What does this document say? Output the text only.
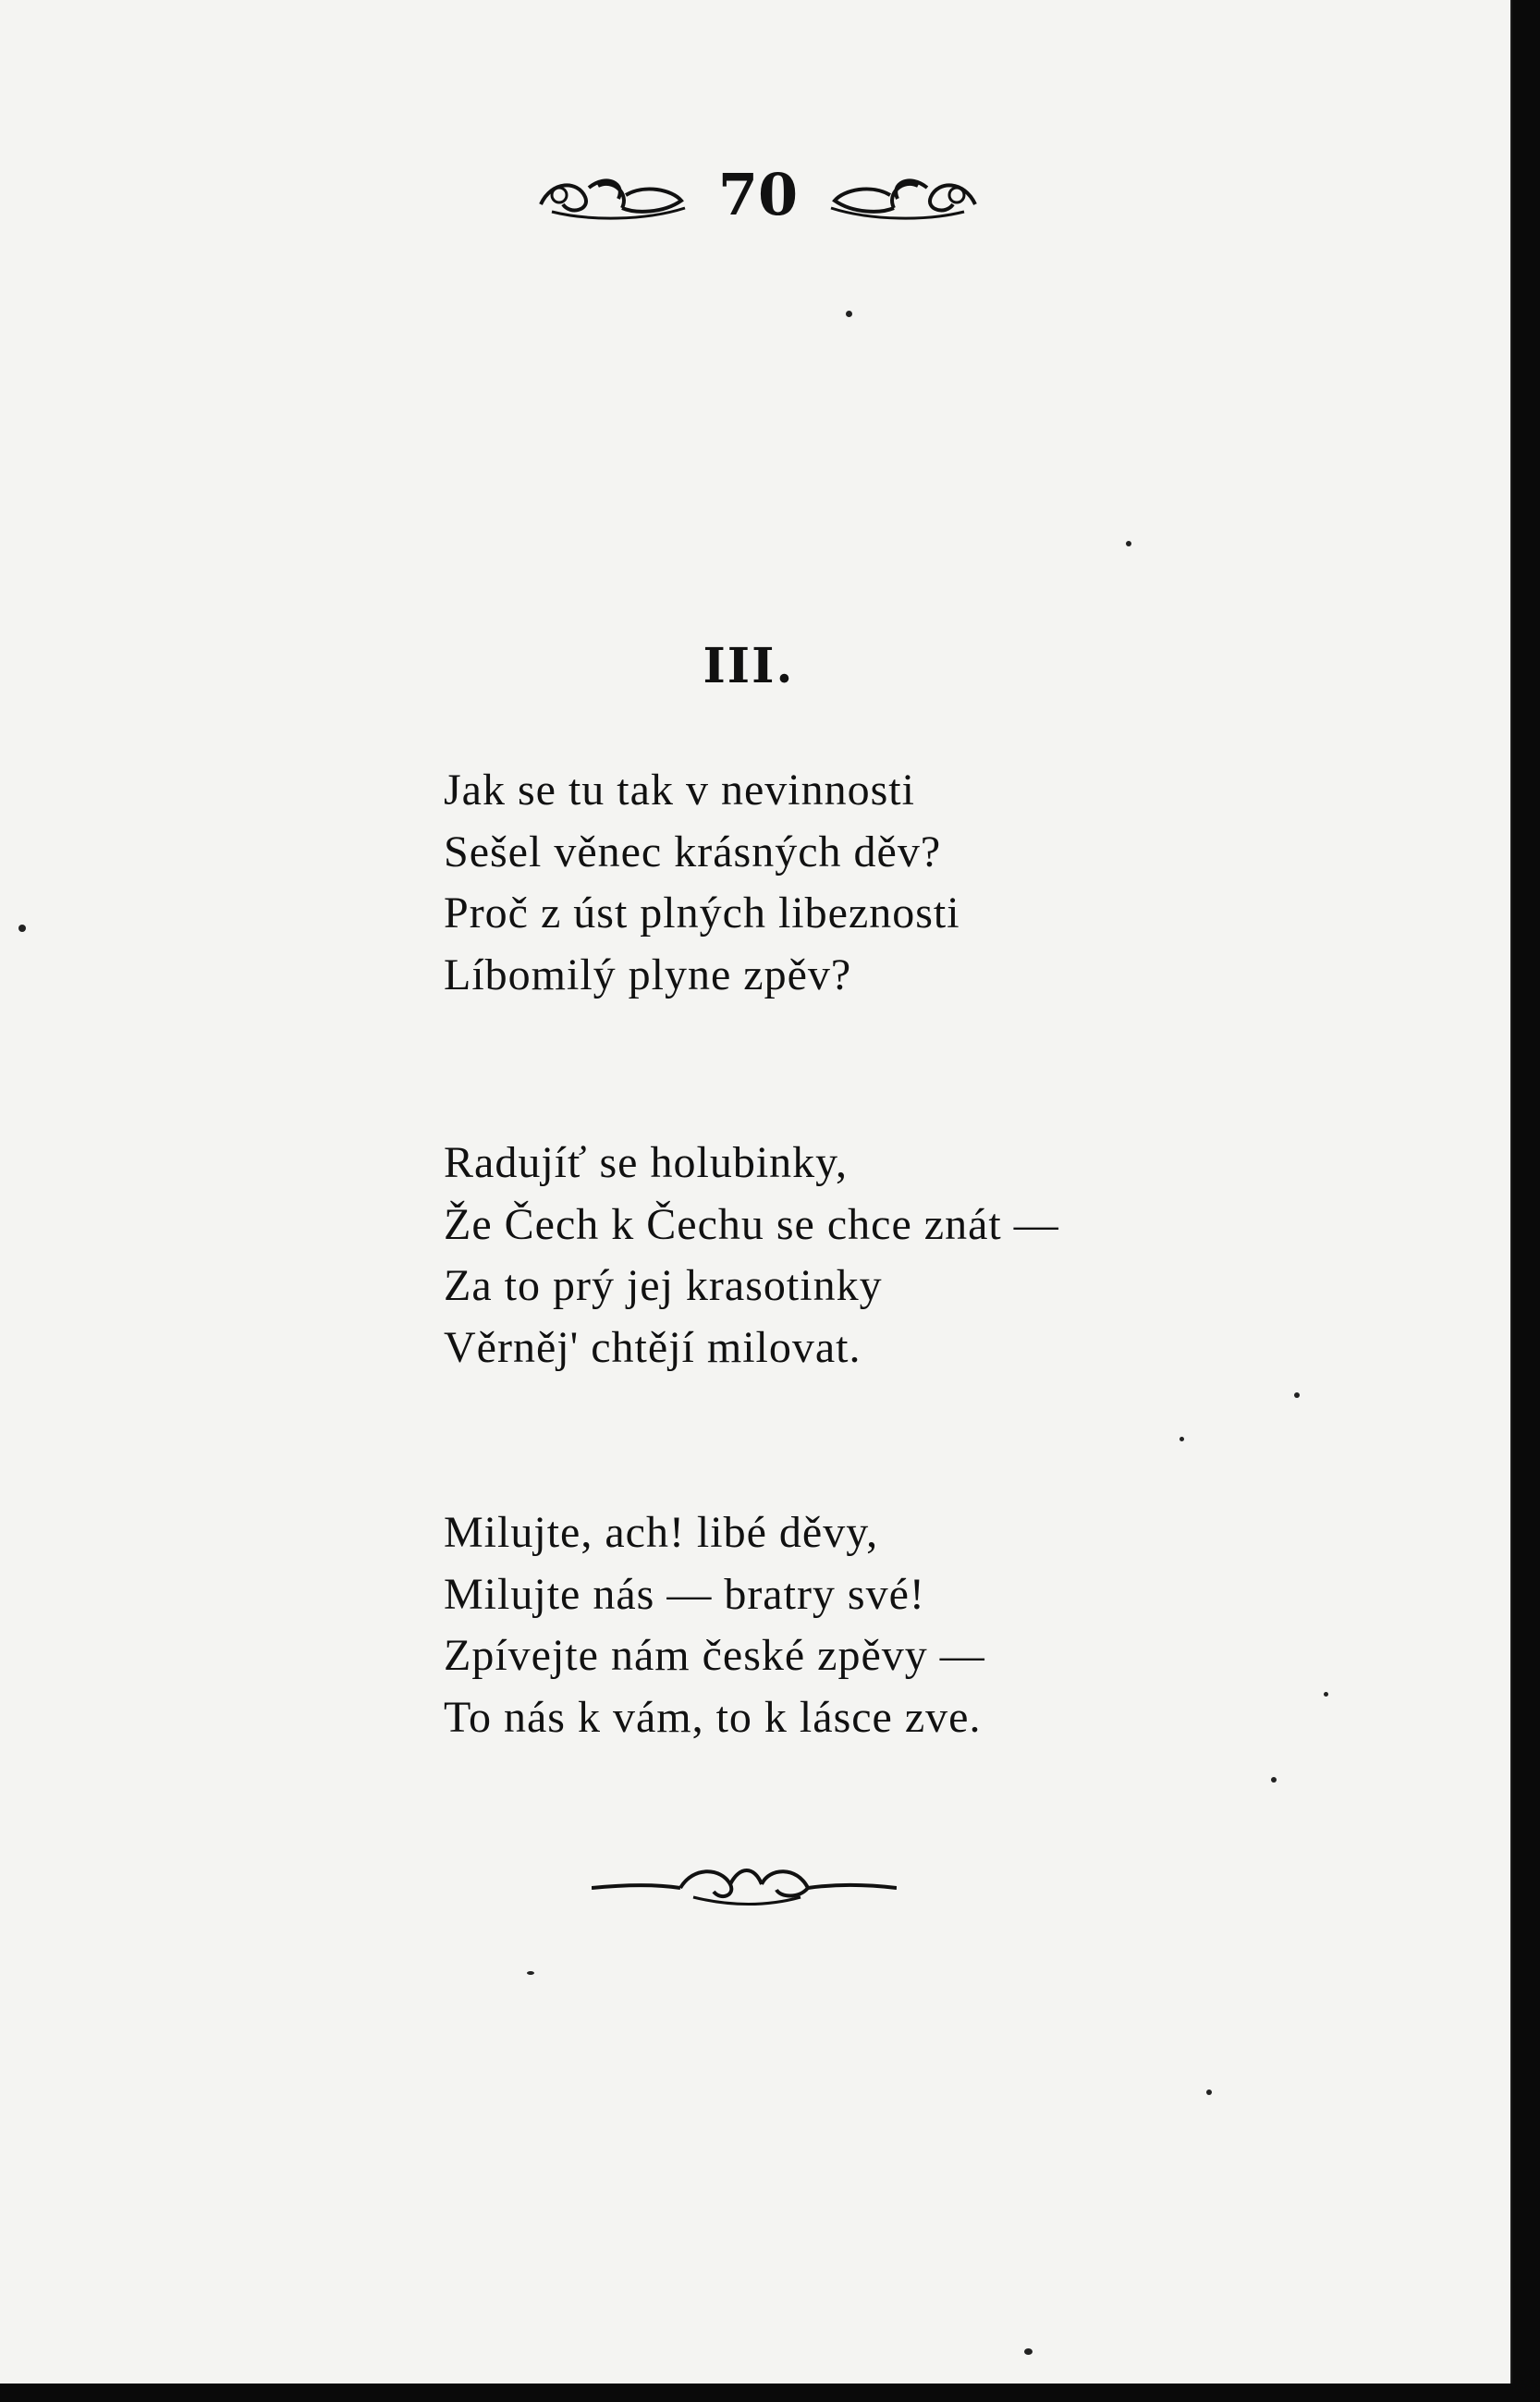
70
III.
Jak se tu tak v nevinnosti
Sešel věnec krásných děv?
Proč z úst plných libeznosti
Líbomilý plyne zpěv?
Radujíť se holubinky,
Že Čech k Čechu se chce znát —
Za to prý jej krasotinky
Věrněj' chtějí milovat.
Milujte, ach! libé děvy,
Milujte nás — bratry své!
Zpívejte nám české zpěvy —
To nás k vám, to k lásce zve.
